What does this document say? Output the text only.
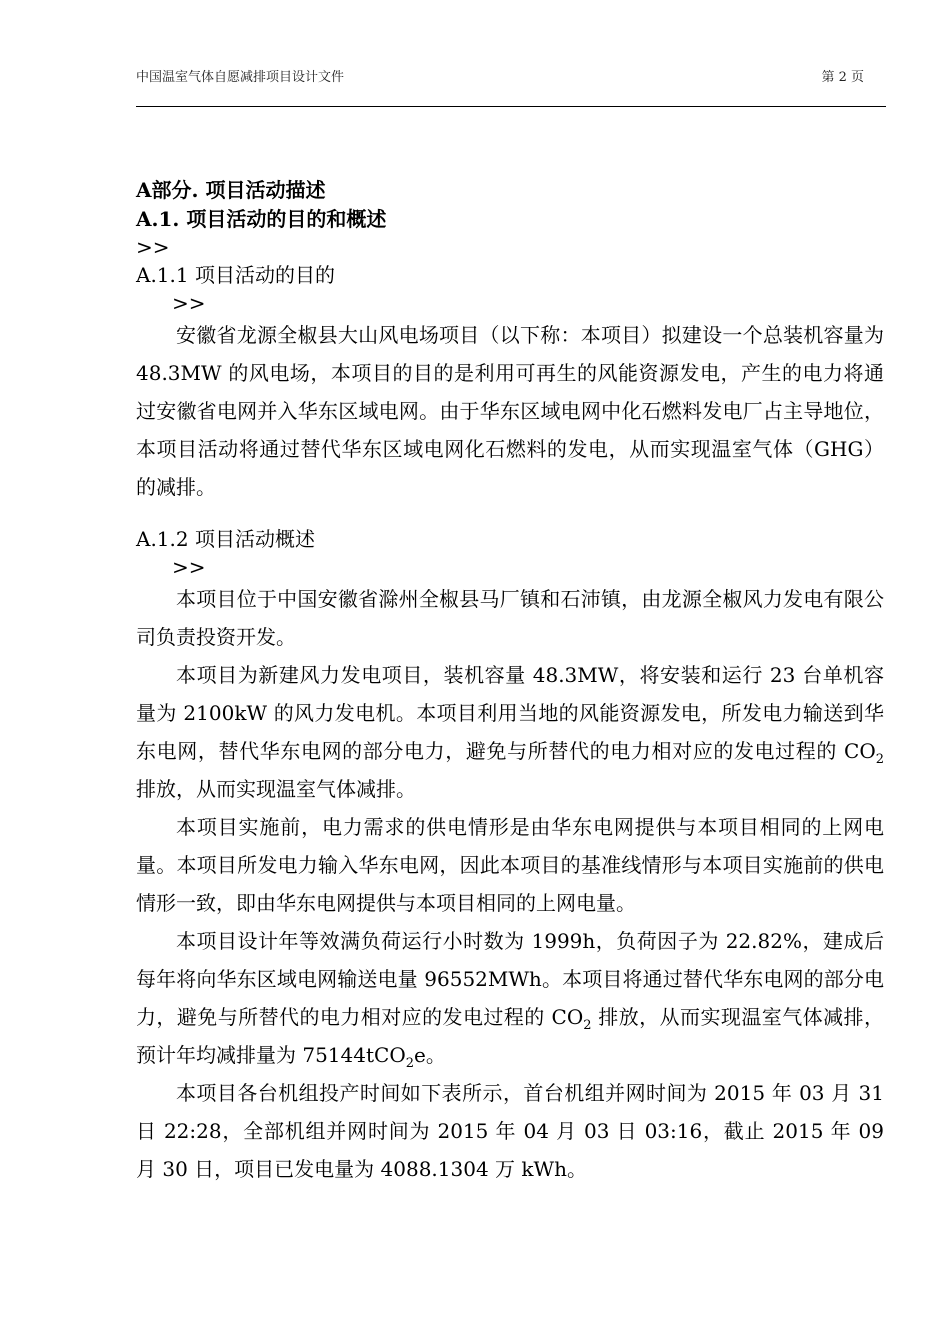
中国温室气体自愿减排项目设计文件	第 2 页

A部分. 项目活动描述

A.1. 项目活动的目的和概述

>>

A.1.1 项目活动的目的

>>

安徽省龙源全椒县大山风电场项目（以下称：本项目）拟建设一个总装机容量为 48.3MW 的风电场，本项目的目的是利用可再生的风能资源发电，产生的电力将通过安徽省电网并入华东区域电网。由于华东区域电网中化石燃料发电厂占主导地位，本项目活动将通过替代华东区域电网化石燃料的发电，从而实现温室气体（GHG）的减排。

A.1.2 项目活动概述

>>

本项目位于中国安徽省滁州全椒县马厂镇和石沛镇，由龙源全椒风力发电有限公司负责投资开发。

本项目为新建风力发电项目，装机容量 48.3MW，将安装和运行 23 台单机容量为 2100kW 的风力发电机。本项目利用当地的风能资源发电，所发电力输送到华东电网，替代华东电网的部分电力，避免与所替代的电力相对应的发电过程的 $CO_2$ 排放，从而实现温室气体减排。

本项目实施前，电力需求的供电情形是由华东电网提供与本项目相同的上网电量。本项目所发电力输入华东电网，因此本项目的基准线情形与本项目实施前的供电情形一致，即由华东电网提供与本项目相同的上网电量。

本项目设计年等效满负荷运行小时数为 1999h，负荷因子为 22.82%，建成后每年将向华东区域电网输送电量 96552MWh。本项目将通过替代华东电网的部分电力，避免与所替代的电力相对应的发电过程的 $CO_2$ 排放，从而实现温室气体减排，预计年均减排量为 75144tCO$_2$e。

本项目各台机组投产时间如下表所示，首台机组并网时间为 2015 年 03 月 31 日 22:28，全部机组并网时间为 2015 年 04 月 03 日 03:16，截止 2015 年 09 月 30 日，项目已发电量为 4088.1304 万 kWh。
